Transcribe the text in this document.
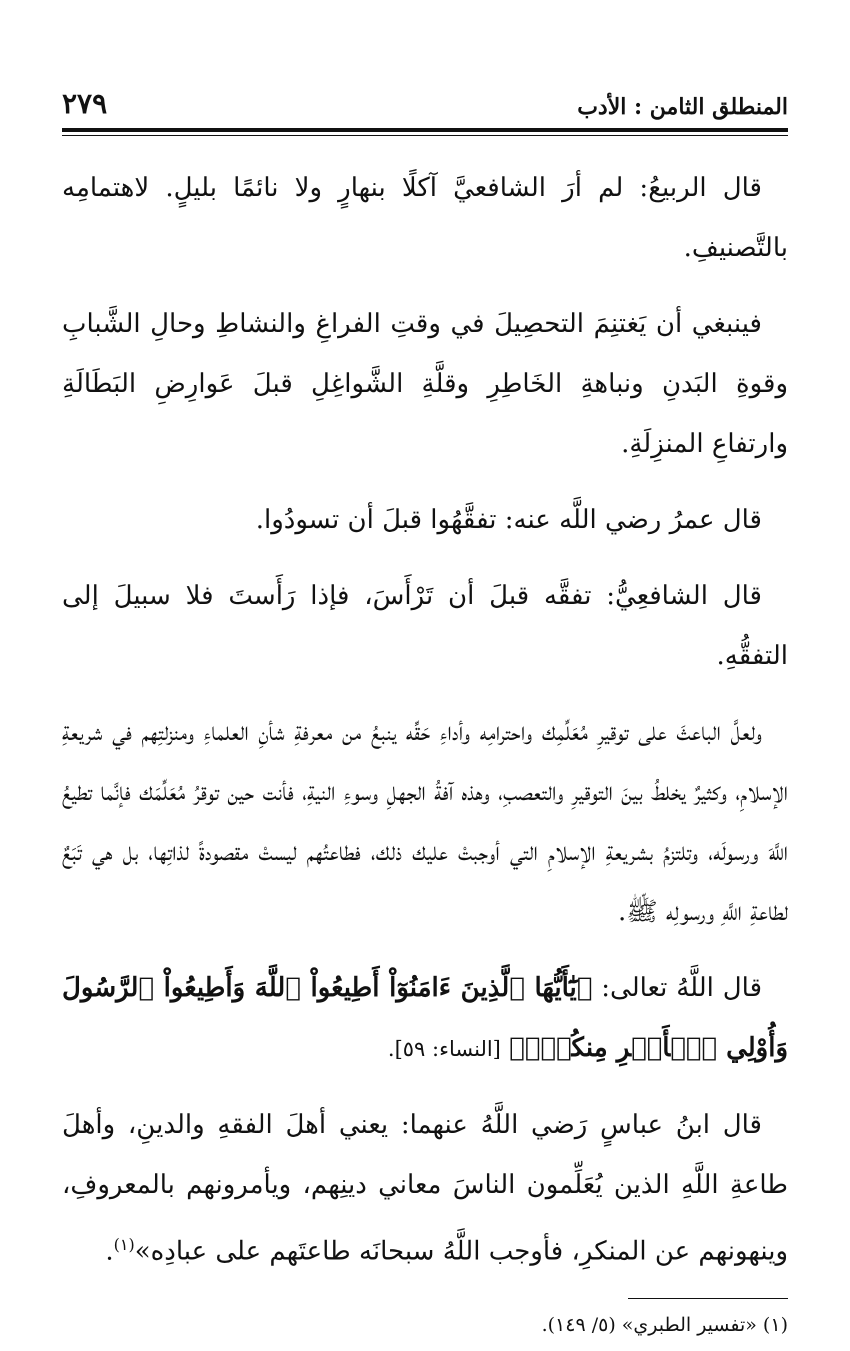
المنطلق الثامن : الأدب
٢٧٩

قال الربيعُ: لم أرَ الشافعيَّ آكلًا بنهارٍ ولا نائمًا بليلٍ. لاهتمامِه بالتَّصنيفِ.

فينبغي أن يَغتنِمَ التحصِيلَ في وقتِ الفراغِ والنشاطِ وحالِ الشَّبابِ وقوةِ البَدنِ ونباهةِ الخَاطِرِ وقلَّةِ الشَّواغِلِ قبلَ عَوارِضِ البَطَالَةِ وارتفاعِ المنزِلَةِ.

قال عمرُ رضي اللَّه عنه: تفقَّهُوا قبلَ أن تسودُوا.

قال الشافعِيُّ: تفقَّه قبلَ أن تَرْأَسَ، فإذا رَأَستَ فلا سبيلَ إلى التفقُّهِ.

ولعلَّ الباعثَ على توقيرِ مُعَلِّمِك واحترامِه وأداءِ حَقِّه ينبعُ من معرفةِ شأنِ العلماءِ ومنزلتِهم في شريعةِ الإسلامِ، وكثيرٌ يخلطُ بينَ التوقيرِ والتعصبِ، وهذه آفةُ الجهلِ وسوءِ النيةِ، فأنت حين توقرُ مُعَلِّمَك فإنَّما تطيعُ اللَّهَ ورسولَه، وتلتزمُ بشريعةِ الإسلامِ التي أوجبتْ عليك ذلك، فطاعتُهم ليستْ مقصودةً لذاتِها، بل هي تَبَعٌ لطاعةِ اللَّهِ ورسولِه ﷺ.

قال اللَّهُ تعالى: ﴿يَٰٓأَيُّهَا ٱلَّذِينَ ءَامَنُوٓاْ أَطِيعُواْ ٱللَّهَ وَأَطِيعُواْ ٱلرَّسُولَ وَأُوْلِي ٱلۡأَمۡرِ مِنكُمۡۖ﴾ [النساء: ٥٩].

قال ابنُ عباسٍ رَضي اللَّهُ عنهما: يعني أهلَ الفقهِ والدينِ، وأهلَ طاعةِ اللَّهِ الذين يُعَلِّمون الناسَ معاني دينِهم، ويأمرونهم بالمعروفِ، وينهونهم عن المنكرِ، فأوجب اللَّهُ سبحانَه طاعتَهم على عبادِه»$^{(١)}$.

(١) «تفسير الطبري» (٥/ ١٤٩).
